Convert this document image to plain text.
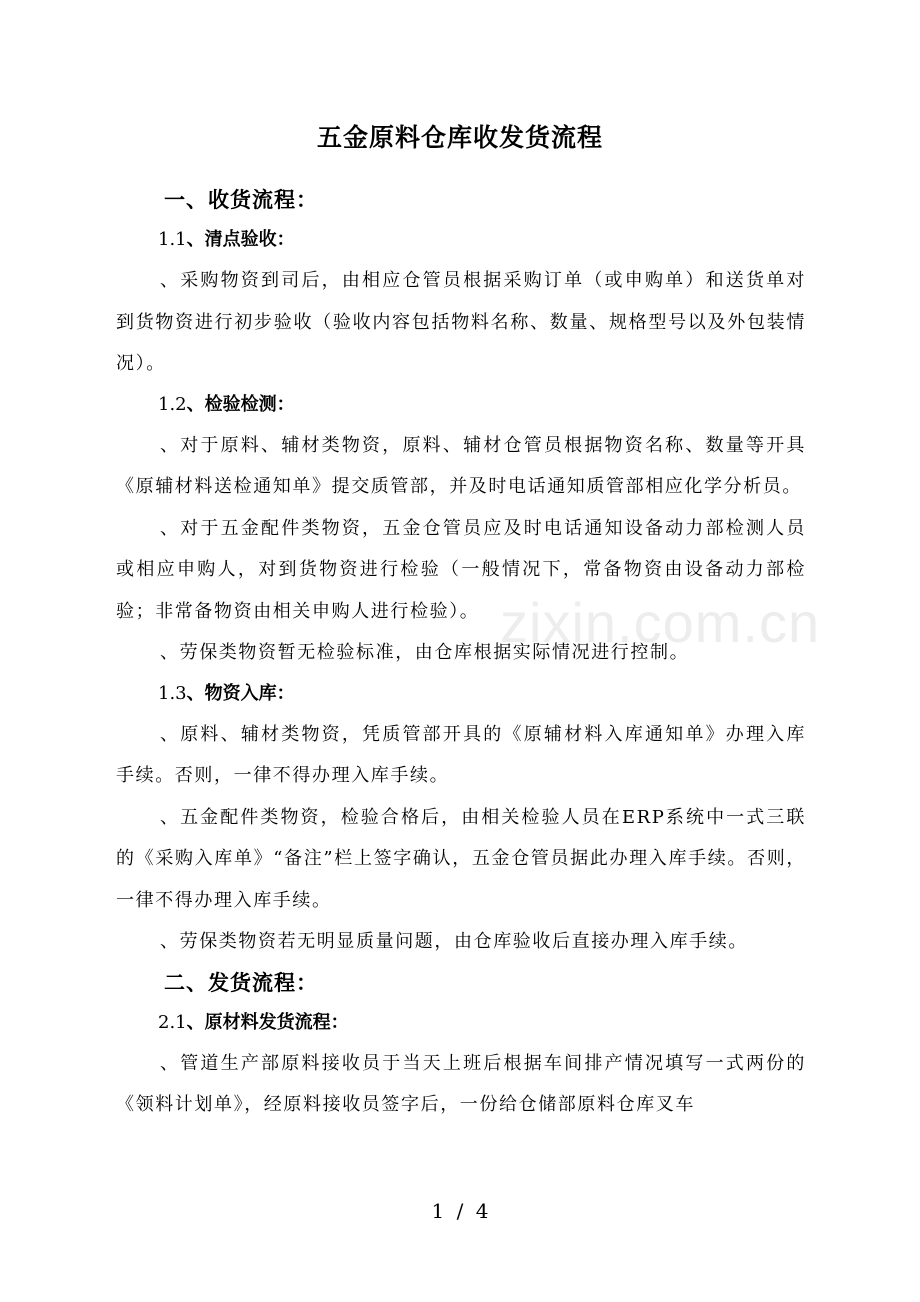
五金原料仓库收发货流程
一、收货流程：
1.1、清点验收：
、采购物资到司后，由相应仓管员根据采购订单（或申购单）和送货单对到货物资进行初步验收（验收内容包括物料名称、数量、规格型号以及外包装情况）。
1.2、检验检测：
、对于原料、辅材类物资，原料、辅材仓管员根据物资名称、数量等开具《原辅材料送检通知单》提交质管部，并及时电话通知质管部相应化学分析员。
、对于五金配件类物资，五金仓管员应及时电话通知设备动力部检测人员或相应申购人，对到货物资进行检验（一般情况下，常备物资由设备动力部检验；非常备物资由相关申购人进行检验）。
、劳保类物资暂无检验标准，由仓库根据实际情况进行控制。
1.3、物资入库：
、原料、辅材类物资，凭质管部开具的《原辅材料入库通知单》办理入库手续。否则，一律不得办理入库手续。
、五金配件类物资，检验合格后，由相关检验人员在ERP系统中一式三联的《采购入库单》“备注”栏上签字确认，五金仓管员据此办理入库手续。否则，一律不得办理入库手续。
、劳保类物资若无明显质量问题，由仓库验收后直接办理入库手续。
二、发货流程：
2.1、原材料发货流程：
、管道生产部原料接收员于当天上班后根据车间排产情况填写一式两份的《领料计划单》，经原料接收员签字后，一份给仓储部原料仓库叉车
zixin.com.cn
1 / 4
